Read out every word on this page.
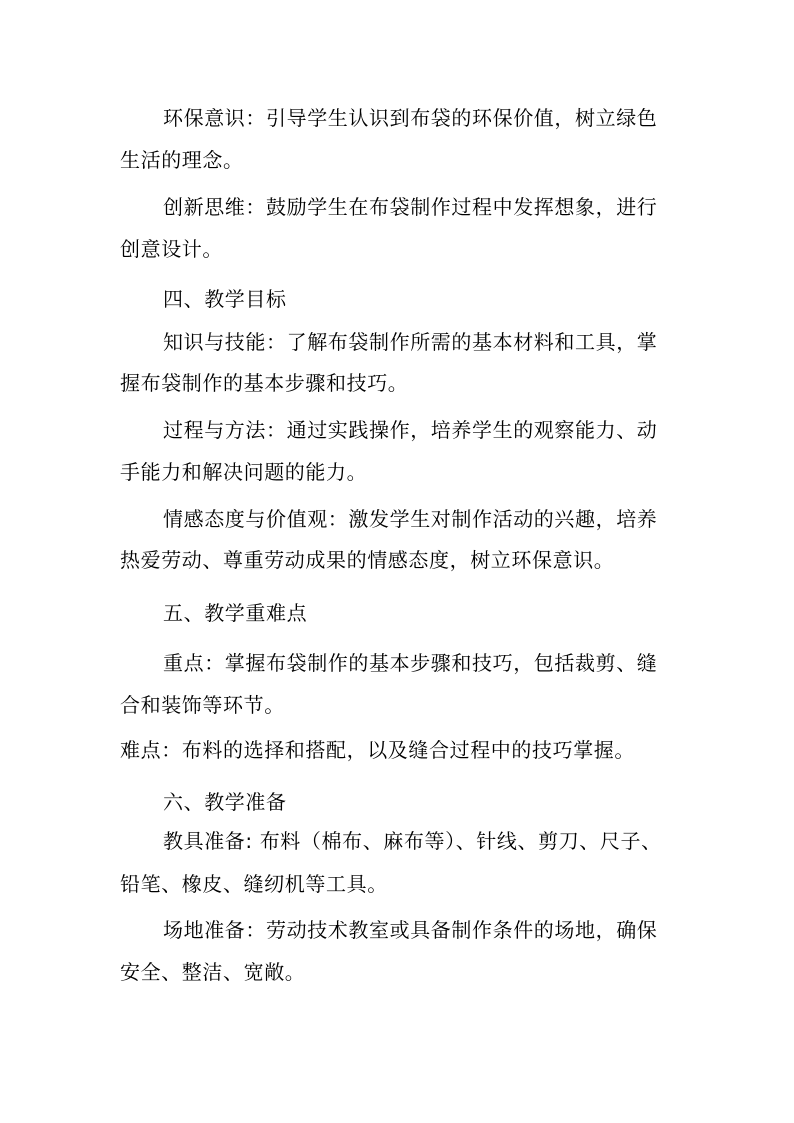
环保意识：引导学生认识到布袋的环保价值，树立绿色
生活的理念。
创新思维：鼓励学生在布袋制作过程中发挥想象，进行
创意设计。
四、教学目标
知识与技能：了解布袋制作所需的基本材料和工具，掌
握布袋制作的基本步骤和技巧。
过程与方法：通过实践操作，培养学生的观察能力、动
手能力和解决问题的能力。
情感态度与价值观：激发学生对制作活动的兴趣，培养
热爱劳动、尊重劳动成果的情感态度，树立环保意识。
五、教学重难点
重点：掌握布袋制作的基本步骤和技巧，包括裁剪、缝
合和装饰等环节。
难点：布料的选择和搭配，以及缝合过程中的技巧掌握。
六、教学准备
教具准备: 布料（棉布、麻布等）、针线、剪刀、尺子、
铅笔、橡皮、缝纫机等工具。
场地准备：劳动技术教室或具备制作条件的场地，确保
安全、整洁、宽敞。
